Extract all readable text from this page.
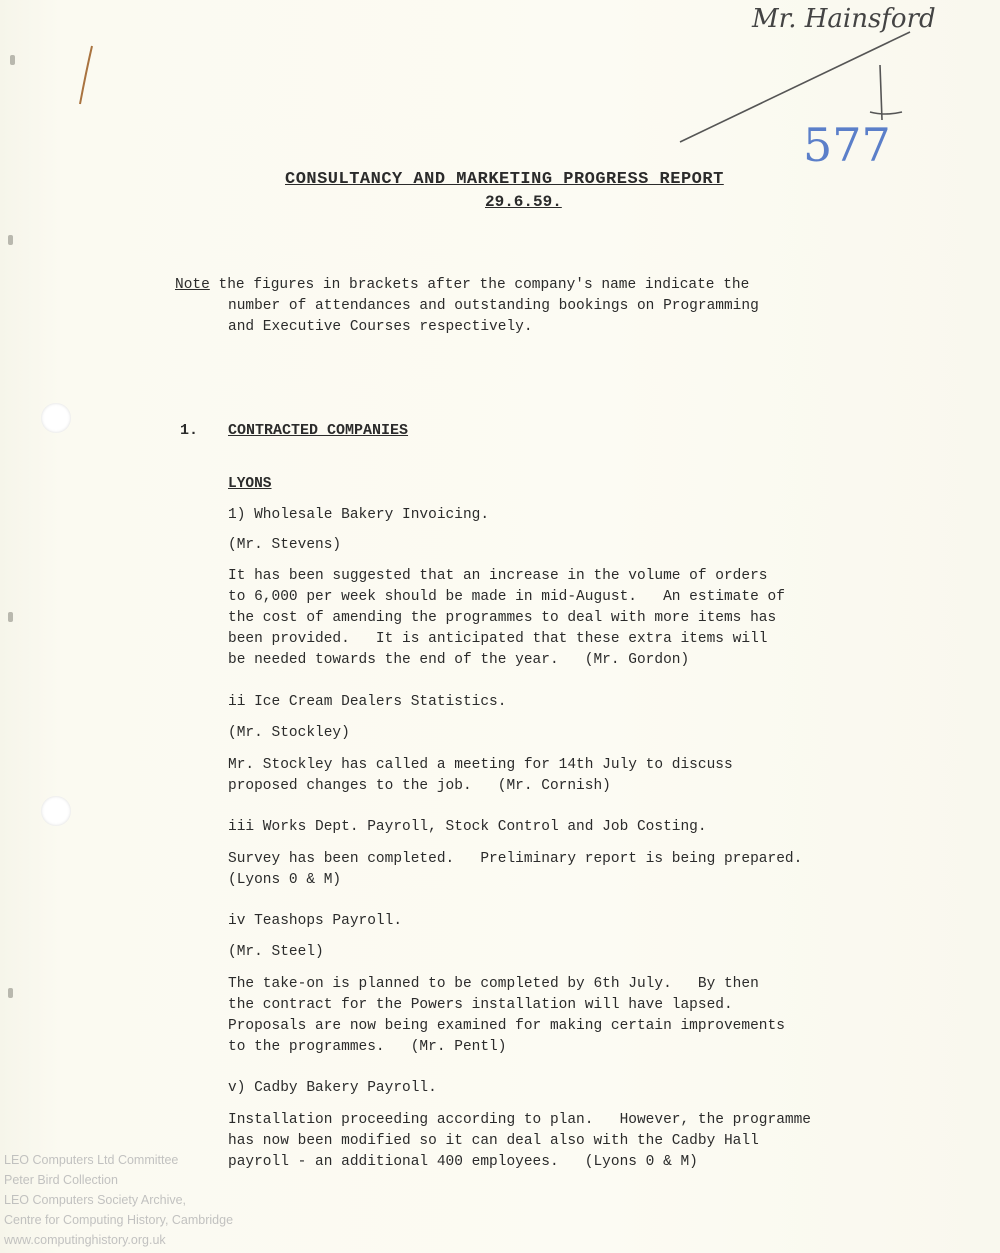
Mr. Hainsford
577
CONSULTANCY AND MARKETING PROGRESS REPORT
29.6.59.
Note the figures in brackets after the company's name indicate the
number of attendances and outstanding bookings on Programming
and Executive Courses respectively.
1. CONTRACTED COMPANIES
LYONS
1) Wholesale Bakery Invoicing.
(Mr. Stevens)
It has been suggested that an increase in the volume of orders
to 6,000 per week should be made in mid-August.   An estimate of
the cost of amending the programmes to deal with more items has
been provided.   It is anticipated that these extra items will
be needed towards the end of the year.   (Mr. Gordon)
ii Ice Cream Dealers Statistics.
(Mr. Stockley)
Mr. Stockley has called a meeting for 14th July to discuss
proposed changes to the job.   (Mr. Cornish)
iii Works Dept. Payroll, Stock Control and Job Costing.
Survey has been completed.   Preliminary report is being prepared.
(Lyons 0 & M)
iv Teashops Payroll.
(Mr. Steel)
The take-on is planned to be completed by 6th July.   By then
the contract for the Powers installation will have lapsed.
Proposals are now being examined for making certain improvements
to the programmes.   (Mr. Pentl)
v) Cadby Bakery Payroll.
Installation proceeding according to plan.   However, the programme
has now been modified so it can deal also with the Cadby Hall
payroll - an additional 400 employees.   (Lyons 0 & M)
LEO Computers Ltd Committee
Peter Bird Collection
LEO Computers Society Archive,
Centre for Computing History, Cambridge
www.computinghistory.org.uk
